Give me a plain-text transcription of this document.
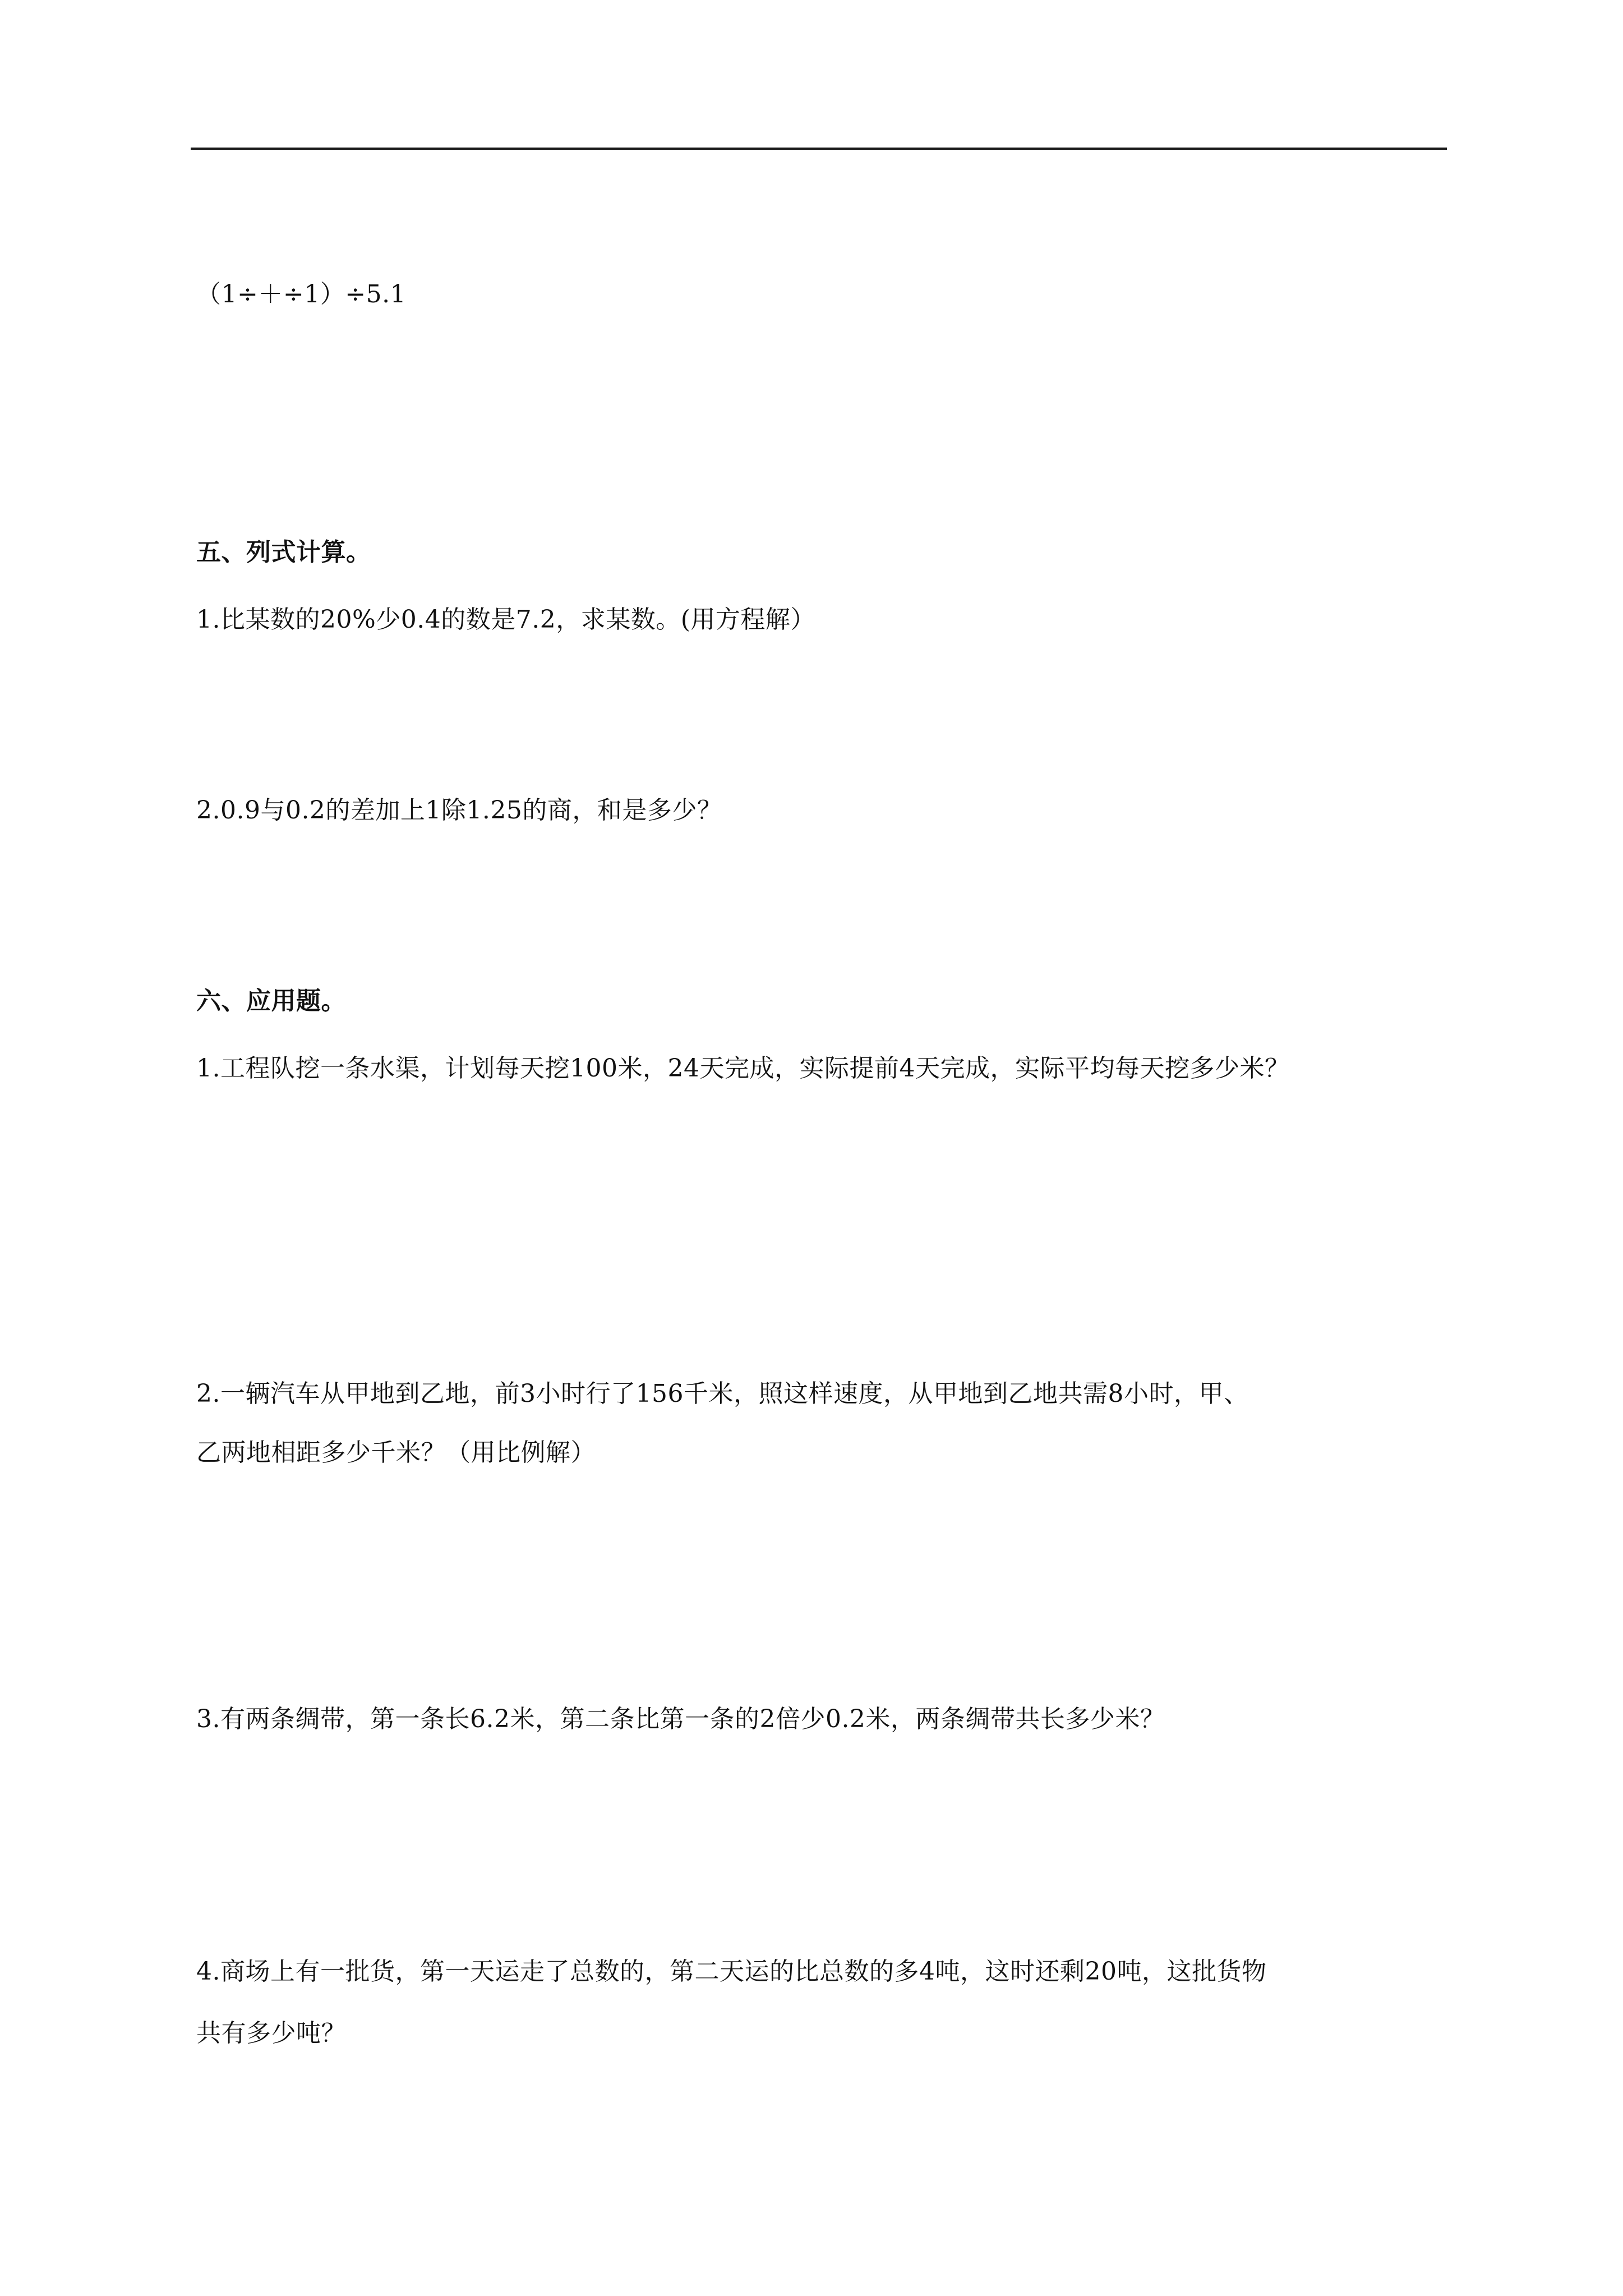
（1÷＋÷1）÷5.1
五、列式计算。
1.比某数的20%少0.4的数是7.2，求某数。(用方程解）
2.0.9与0.2的差加上1除1.25的商，和是多少？
六、应用题。
1.工程队挖一条水渠，计划每天挖100米，24天完成，实际提前4天完成，实际平均每天挖多少米？
2.一辆汽车从甲地到乙地，前3小时行了156千米，照这样速度，从甲地到乙地共需8小时，甲、
乙两地相距多少千米？（用比例解）
3.有两条绸带，第一条长6.2米，第二条比第一条的2倍少0.2米，两条绸带共长多少米？
4.商场上有一批货，第一天运走了总数的，第二天运的比总数的多4吨，这时还剩20吨，这批货物
共有多少吨？
